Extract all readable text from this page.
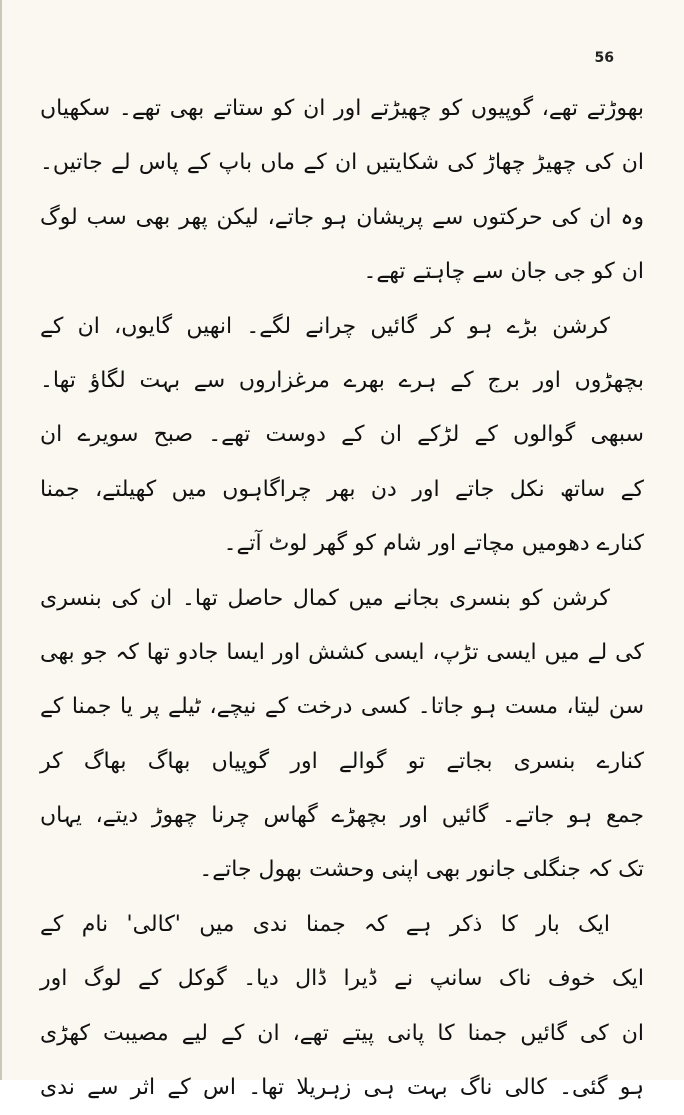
56
بھوڑتے تھے، گوپیوں کو چھیڑتے اور ان کو ستاتے بھی تھے۔ سکھیاں
ان کی چھیڑ چھاڑ کی شکایتیں ان کے ماں باپ کے پاس لے جاتیں۔
وہ ان کی حرکتوں سے پریشان ہو جاتے، لیکن پھر بھی سب لوگ
ان کو جی جان سے چاہتے تھے۔
کرشن بڑے ہو کر گائیں چرانے لگے۔ انھیں گایوں، ان کے
بچھڑوں اور برج کے ہرے بھرے مرغزاروں سے بہت لگاؤ تھا۔
سبھی گوالوں کے لڑکے ان کے دوست تھے۔ صبح سویرے ان
کے ساتھ نکل جاتے اور دن بھر چراگاہوں میں کھیلتے، جمنا
کنارے دھومیں مچاتے اور شام کو گھر لوٹ آتے۔
کرشن کو بنسری بجانے میں کمال حاصل تھا۔ ان کی بنسری
کی لے میں ایسی تڑپ، ایسی کشش اور ایسا جادو تھا کہ جو بھی
سن لیتا، مست ہو جاتا۔ کسی درخت کے نیچے، ٹیلے پر یا جمنا کے
کنارے بنسری بجاتے تو گوالے اور گوپیاں بھاگ بھاگ کر
جمع ہو جاتے۔ گائیں اور بچھڑے گھاس چرنا چھوڑ دیتے، یہاں
تک کہ جنگلی جانور بھی اپنی وحشت بھول جاتے۔
ایک بار کا ذکر ہے کہ جمنا ندی میں 'کالی' نام کے
ایک خوف ناک سانپ نے ڈیرا ڈال دیا۔ گوکل کے لوگ اور
ان کی گائیں جمنا کا پانی پیتے تھے، ان کے لیے مصیبت کھڑی
ہو گئی۔ کالی ناگ بہت ہی زہریلا تھا۔ اس کے اثر سے ندی
